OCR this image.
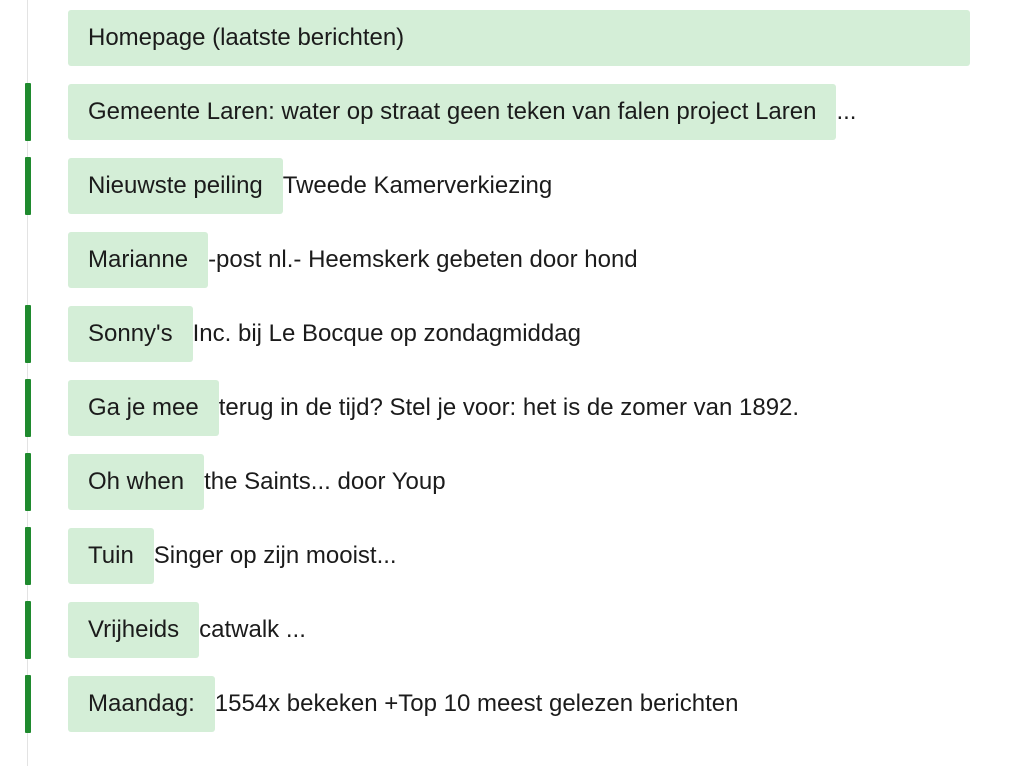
Homepage (laatste berichten)
Gemeente Laren: water op straat geen teken van falen project Laren ...
Nieuwste peiling Tweede Kamerverkiezing
Marianne -post nl.- Heemskerk gebeten door hond
Sonny's Inc. bij Le Bocque op zondagmiddag
Ga je mee terug in de tijd? Stel je voor: het is de zomer van 1892.
Oh when the Saints... door Youp
Tuin Singer op zijn mooist...
Vrijheids catwalk ...
Maandag: 1554x bekeken +Top 10 meest gelezen berichten
